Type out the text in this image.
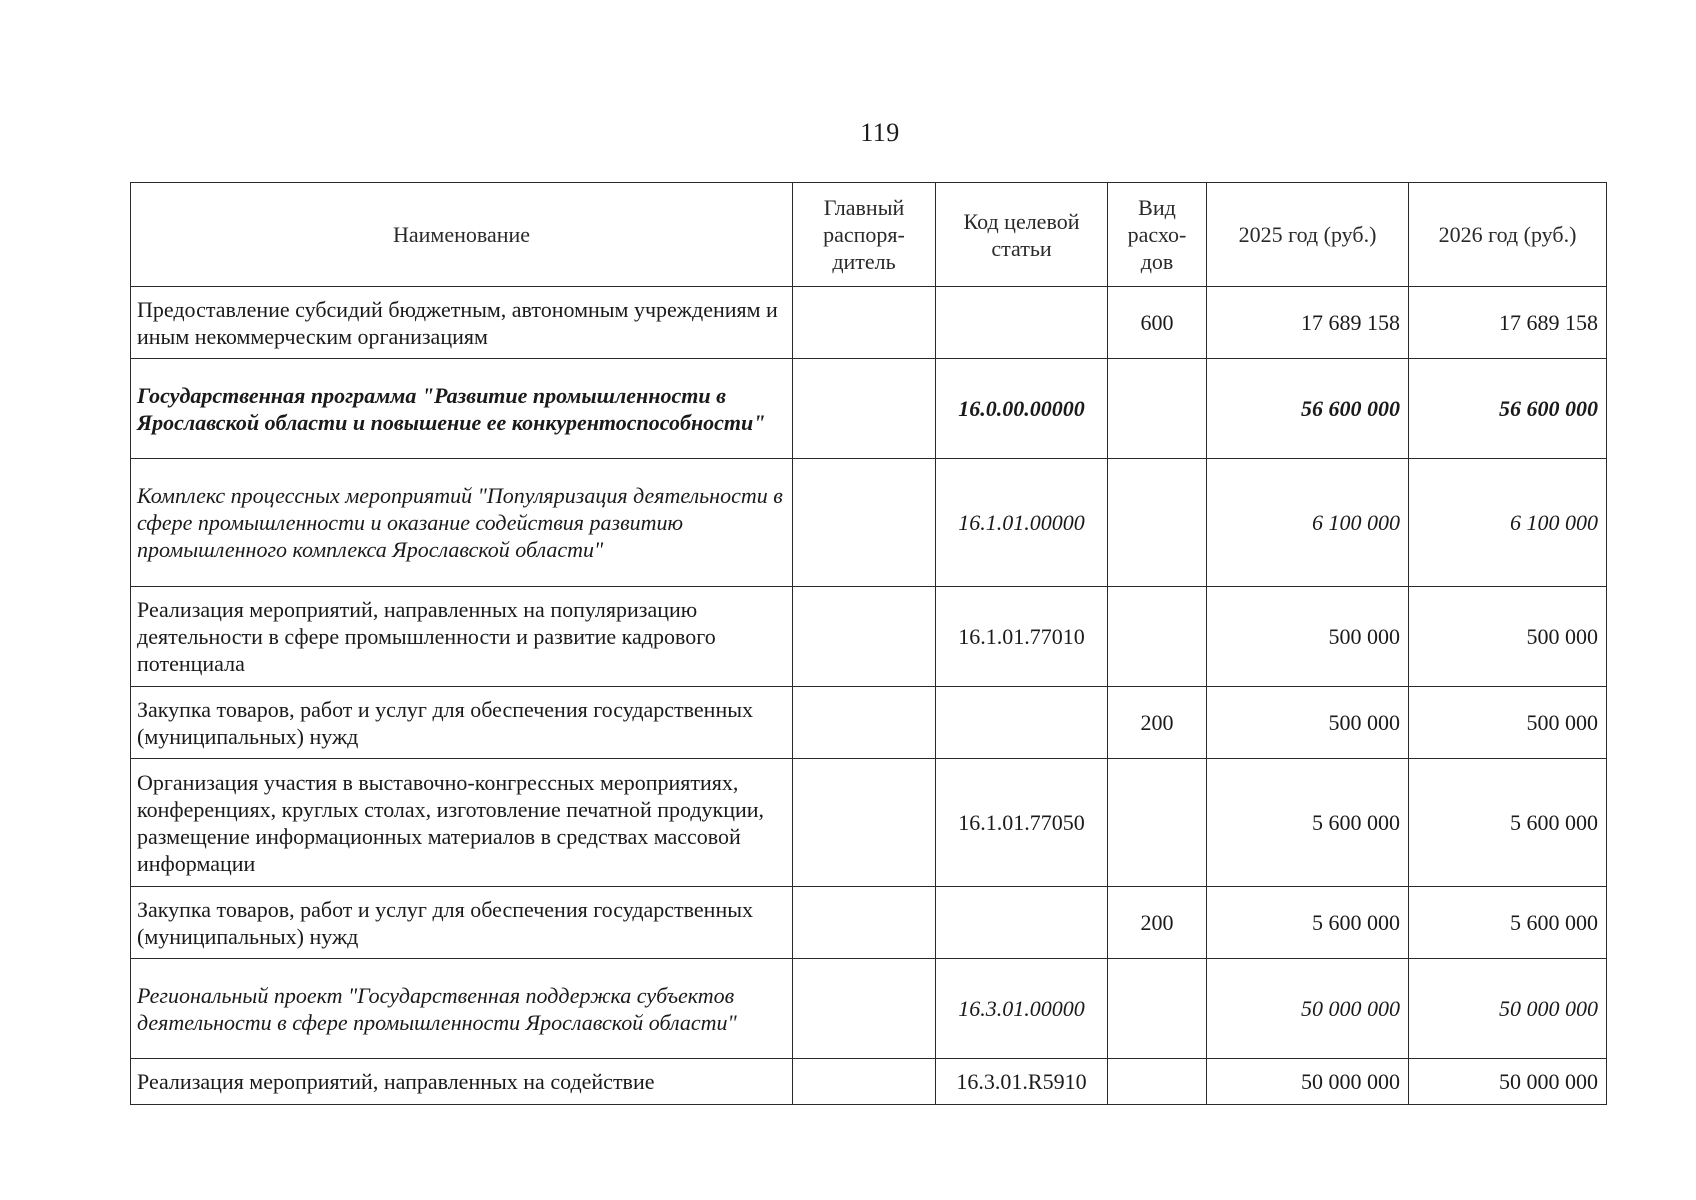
119
Наименование	Главный распоря-дитель	Код целевой статьи	Вид расхо-дов	2025 год (руб.)	2026 год (руб.)
Предоставление субсидий бюджетным, автономным учреждениям и иным некоммерческим организациям			600	17 689 158	17 689 158
Государственная программа "Развитие промышленности в Ярославской области и повышение ее конкурентоспособности"		16.0.00.00000		56 600 000	56 600 000
Комплекс процессных мероприятий "Популяризация деятельности в сфере промышленности и оказание содействия развитию промышленного комплекса Ярославской области"		16.1.01.00000		6 100 000	6 100 000
Реализация мероприятий, направленных на популяризацию деятельности в сфере промышленности и развитие кадрового потенциала		16.1.01.77010		500 000	500 000
Закупка товаров, работ и услуг для обеспечения государственных (муниципальных) нужд			200	500 000	500 000
Организация участия в выставочно-конгрессных мероприятиях, конференциях, круглых столах, изготовление печатной продукции, размещение информационных материалов в средствах массовой информации		16.1.01.77050		5 600 000	5 600 000
Закупка товаров, работ и услуг для обеспечения государственных (муниципальных) нужд			200	5 600 000	5 600 000
Региональный проект "Государственная поддержка субъектов деятельности в сфере промышленности Ярославской области"		16.3.01.00000		50 000 000	50 000 000
Реализация мероприятий, направленных на содействие		16.3.01.R5910		50 000 000	50 000 000
